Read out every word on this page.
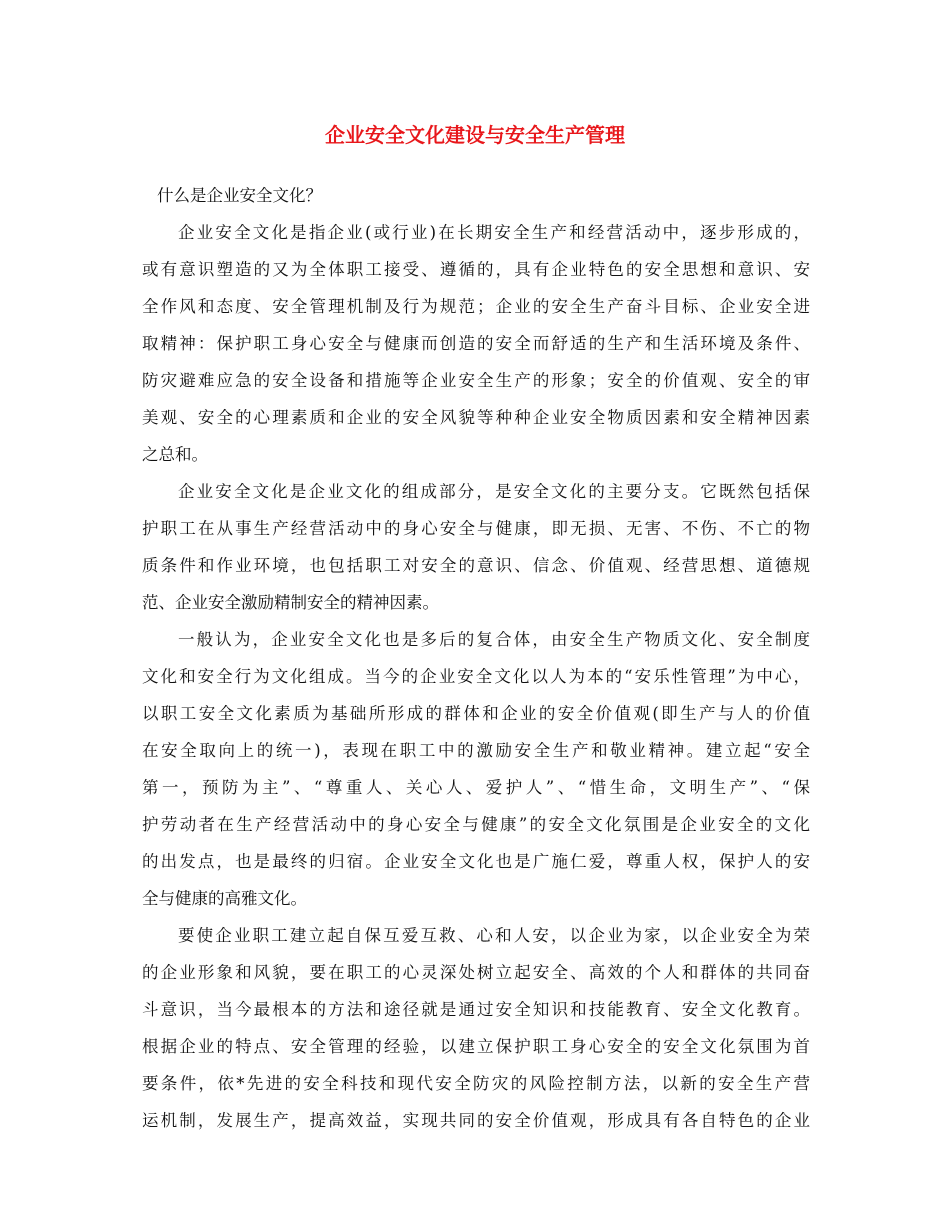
企业安全文化建设与安全生产管理

什么是企业安全文化？

企业安全文化是指企业(或行业)在长期安全生产和经营活动中，逐步形成的，
或有意识塑造的又为全体职工接受、遵循的，具有企业特色的安全思想和意识、安
全作风和态度、安全管理机制及行为规范；企业的安全生产奋斗目标、企业安全进
取精神：保护职工身心安全与健康而创造的安全而舒适的生产和生活环境及条件、
防灾避难应急的安全设备和措施等企业安全生产的形象；安全的价值观、安全的审
美观、安全的心理素质和企业的安全风貌等种种企业安全物质因素和安全精神因素
之总和。

企业安全文化是企业文化的组成部分，是安全文化的主要分支。它既然包括保
护职工在从事生产经营活动中的身心安全与健康，即无损、无害、不伤、不亡的物
质条件和作业环境，也包括职工对安全的意识、信念、价值观、经营思想、道德规
范、企业安全激励精制安全的精神因素。

一般认为，企业安全文化也是多后的复合体，由安全生产物质文化、安全制度
文化和安全行为文化组成。当今的企业安全文化以人为本的“安乐性管理”为中心，
以职工安全文化素质为基础所形成的群体和企业的安全价值观(即生产与人的价值
在安全取向上的统一)，表现在职工中的激励安全生产和敬业精神。建立起“安全
第一，预防为主”、“尊重人、关心人、爱护人”、“惜生命，文明生产”、“保
护劳动者在生产经营活动中的身心安全与健康”的安全文化氛围是企业安全的文化
的出发点，也是最终的归宿。企业安全文化也是广施仁爱，尊重人权，保护人的安
全与健康的高雅文化。

要使企业职工建立起自保互爱互救、心和人安，以企业为家，以企业安全为荣
的企业形象和风貌，要在职工的心灵深处树立起安全、高效的个人和群体的共同奋
斗意识，当今最根本的方法和途径就是通过安全知识和技能教育、安全文化教育。
根据企业的特点、安全管理的经验，以建立保护职工身心安全的安全文化氛围为首
要条件，依*先进的安全科技和现代安全防灾的风险控制方法，以新的安全生产营
运机制，发展生产，提高效益，实现共同的安全价值观，形成具有各自特色的企业
